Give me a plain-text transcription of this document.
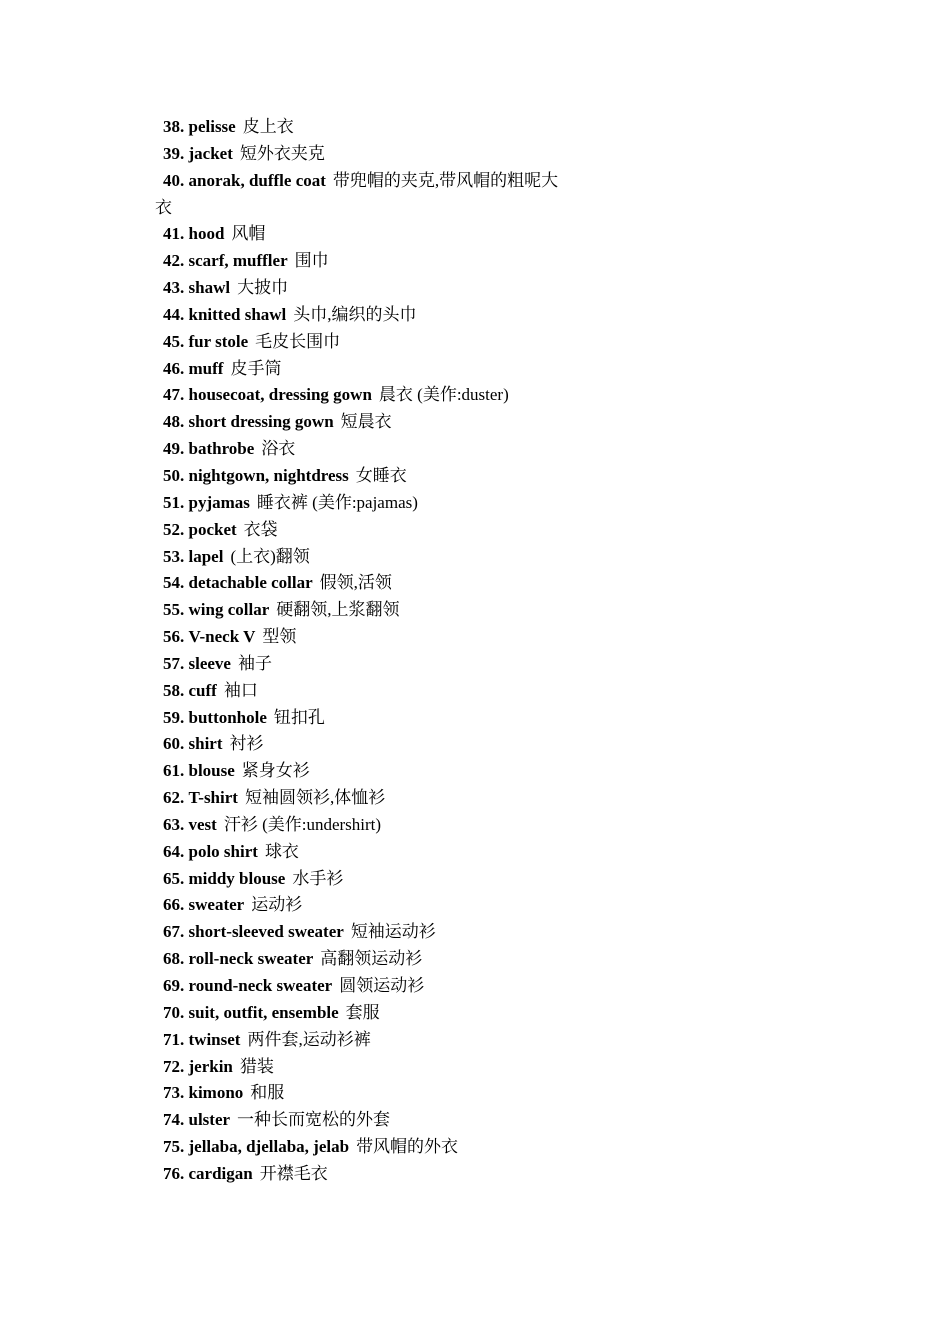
38. pelisse 皮上衣

39. jacket 短外衣夹克

40. anorak, duffle coat 带兜帽的夹克,带风帽的粗呢大衣

41. hood 风帽

42. scarf, muffler 围巾

43. shawl 大披巾

44. knitted shawl 头巾,编织的头巾

45. fur stole 毛皮长围巾

46. muff 皮手筒

47. housecoat, dressing gown 晨衣 (美作:duster)

48. short dressing gown 短晨衣

49. bathrobe 浴衣

50. nightgown, nightdress 女睡衣

51. pyjamas 睡衣裤 (美作:pajamas)

52. pocket 衣袋

53. lapel (上衣)翻领

54. detachable collar 假领,活领

55. wing collar 硬翻领,上浆翻领

56. V-neck V 型领

57. sleeve 袖子

58. cuff 袖口

59. buttonhole 钮扣孔

60. shirt 衬衫

61. blouse 紧身女衫

62. T-shirt 短袖圆领衫,体恤衫

63. vest 汗衫 (美作:undershirt)

64. polo shirt 球衣

65. middy blouse 水手衫

66. sweater 运动衫

67. short-sleeved sweater 短袖运动衫

68. roll-neck sweater 高翻领运动衫

69. round-neck sweater 圆领运动衫

70. suit, outfit, ensemble 套服

71. twinset 两件套,运动衫裤

72. jerkin 猎装

73. kimono 和服

74. ulster 一种长而宽松的外套

75. jellaba, djellaba, jelab 带风帽的外衣

76. cardigan 开襟毛衣
